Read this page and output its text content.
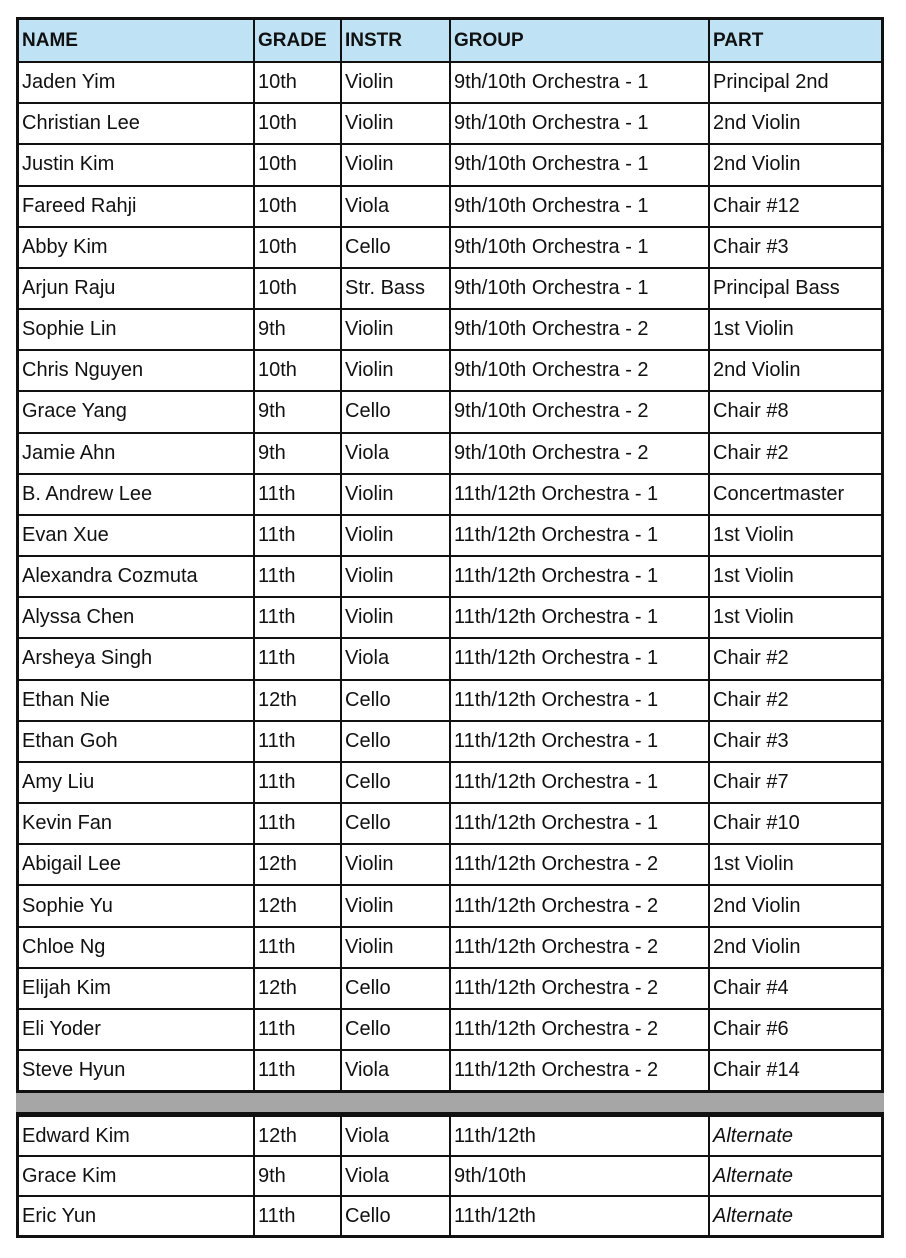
NAME	GRADE	INSTR	GROUP	PART
Jaden Yim	10th	Violin	9th/10th Orchestra - 1	Principal 2nd
Christian Lee	10th	Violin	9th/10th Orchestra - 1	2nd Violin
Justin Kim	10th	Violin	9th/10th Orchestra - 1	2nd Violin
Fareed Rahji	10th	Viola	9th/10th Orchestra - 1	Chair #12
Abby Kim	10th	Cello	9th/10th Orchestra - 1	Chair #3
Arjun Raju	10th	Str. Bass	9th/10th Orchestra - 1	Principal Bass
Sophie Lin	9th	Violin	9th/10th Orchestra - 2	1st Violin
Chris Nguyen	10th	Violin	9th/10th Orchestra - 2	2nd Violin
Grace Yang	9th	Cello	9th/10th Orchestra - 2	Chair #8
Jamie Ahn	9th	Viola	9th/10th Orchestra - 2	Chair #2
B. Andrew Lee	11th	Violin	11th/12th Orchestra - 1	Concertmaster
Evan Xue	11th	Violin	11th/12th Orchestra - 1	1st Violin
Alexandra Cozmuta	11th	Violin	11th/12th Orchestra - 1	1st Violin
Alyssa Chen	11th	Violin	11th/12th Orchestra - 1	1st Violin
Arsheya Singh	11th	Viola	11th/12th Orchestra - 1	Chair #2
Ethan Nie	12th	Cello	11th/12th Orchestra - 1	Chair #2
Ethan Goh	11th	Cello	11th/12th Orchestra - 1	Chair #3
Amy Liu	11th	Cello	11th/12th Orchestra - 1	Chair #7
Kevin Fan	11th	Cello	11th/12th Orchestra - 1	Chair #10
Abigail Lee	12th	Violin	11th/12th Orchestra - 2	1st Violin
Sophie Yu	12th	Violin	11th/12th Orchestra - 2	2nd Violin
Chloe Ng	11th	Violin	11th/12th Orchestra - 2	2nd Violin
Elijah Kim	12th	Cello	11th/12th Orchestra - 2	Chair #4
Eli Yoder	11th	Cello	11th/12th Orchestra - 2	Chair #6
Steve Hyun	11th	Viola	11th/12th Orchestra - 2	Chair #14
Edward Kim	12th	Viola	11th/12th	Alternate
Grace Kim	9th	Viola	9th/10th	Alternate
Eric Yun	11th	Cello	11th/12th	Alternate
